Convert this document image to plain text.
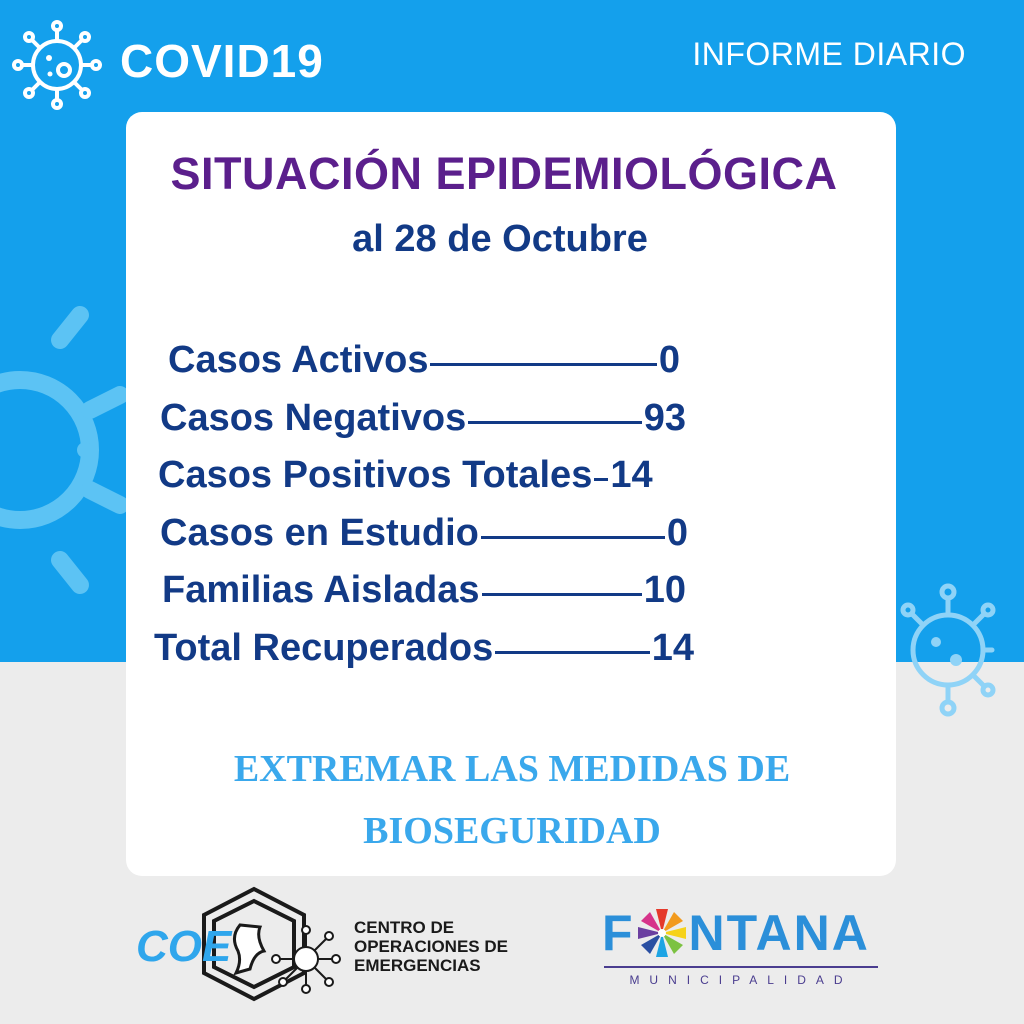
COVID19	INFORME DIARIO
SITUACIÓN EPIDEMIOLÓGICA
al 28 de Octubre
Casos Activos	0
Casos Negativos	93
Casos Positivos Totales 14
Casos en Estudio	0
Familias Aisladas	10
Total Recuperados	14
EXTREMAR LAS MEDIDAS DE
BIOSEGURIDAD
COE	CENTRO DE
OPERACIONES DE
EMERGENCIAS
F NTANA
MUNICIPALIDAD
